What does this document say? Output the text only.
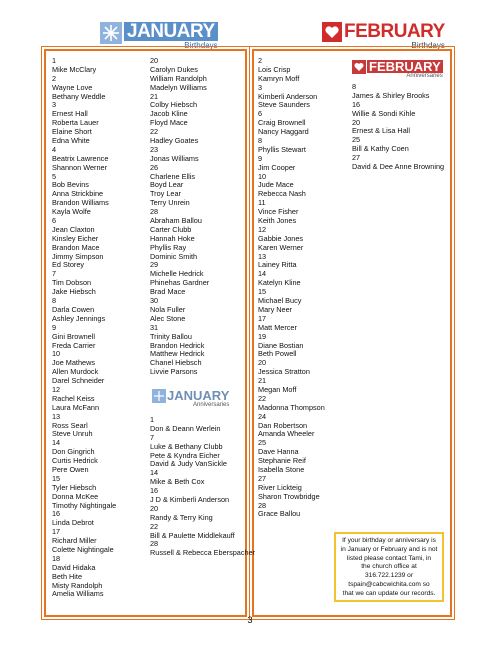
JANUARY
Birthdays
FEBRUARY
Birthdays
1
Mike McClary
2
Wayne Love
Bethany Weddle
3
Ernest Hall
Roberta Lauer
Elaine Short
Edna White
4
Beatrix Lawrence
Shannon Werner
5
Bob Bevins
Anna Strickbine
Brandon Williams
Kayla Wolfe
6
Jean Claxton
Kinsley Eicher
Brandon Mace
Jimmy Simpson
Ed Storey
7
Tim Dobson
Jake Hiebsch
8
Darla Cowen
Ashley Jennings
9
Gini Brownell
Freda Carrier
10
Joe Mathews
Allen Murdock
Darel Schneider
12
Rachel Keiss
Laura McFann
13
Ross Searl
Steve Unruh
14
Don Gingrich
Curtis Hedrick
Pere Owen
15
Tyler Hiebsch
Donna McKee
Timothy Nightingale
16
Linda Debrot
17
Richard Miller
Colette Nightingale
18
David Hidaka
Beth Hite
Misty Randolph
Amelia Williams
20
Carolyn Dukes
William Randolph
Madelyn Williams
21
Colby Hiebsch
Jacob Kline
Floyd Mace
22
Hadley Goates
23
Jonas Williams
26
Charlene Ellis
Boyd Lear
Troy Lear
Terry Unrein
28
Abraham Ballou
Carter Clubb
Hannah Hoke
Phyllis Ray
Dominic Smith
29
Michelle Hedrick
Phinehas Gardner
Brad Mace
30
Nola Fuller
Alec Stone
31
Trinity Ballou
Brandon Hedrick
Matthew Hedrick
Chanel Hiebsch
Livvie Parsons
1
Don & Deann Werlein
7
Luke & Bethany Clubb
Pete & Kyndra Eicher
David & Judy VanSickle
14
Mike & Beth Cox
16
J D & Kimberli Anderson
20
Randy & Terry King
22
Bill & Paulette Middlekauff
28
Russell & Rebecca Eberspacher
2
Lois Crisp
Kamryn Moff
3
Kimberli Anderson
Steve Saunders
6
Craig Brownell
Nancy Haggard
8
Phyllis Stewart
9
Jim Cooper
10
Jude Mace
Rebecca Nash
11
Vince Fisher
Keith Jones
12
Gabbie Jones
Karen Werner
13
Lainey Ritta
14
Katelyn Kline
15
Michael Bucy
Mary Neer
17
Matt Mercer
19
Diane Bostian
Beth Powell
20
Jessica Stratton
21
Megan Moff
22
Madonna Thompson
24
Dan Robertson
Amanda Wheeler
25
Dave Hanna
Stephanie Reif
Isabella Stone
27
River Lickteig
Sharon Trowbridge
28
Grace Ballou
8
James & Shirley Brooks
16
Willie & Sondi Kihle
20
Ernest & Lisa Hall
25
Bill & Kathy Coen
27
David & Dee Anne Browning
JANUARY
Anniversaries
FEBRUARY
Anniversaries
If your birthday or anniversary is
in January or February and is not
listed please contact Tami, in
the church office at
316.722.1239 or
tspain@cabcwichita.com so
that we can update our records.
3
